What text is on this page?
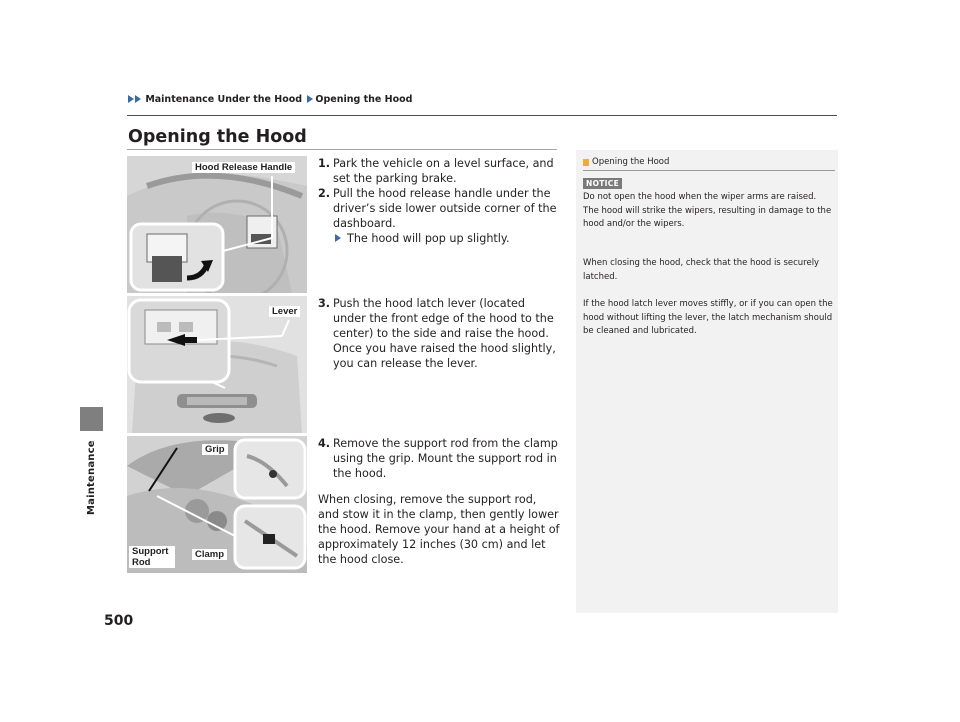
Maintenance
Maintenance Under the Hood Opening the Hood
Opening the Hood
Hood Release Handle
Lever
Grip
Support Rod
Clamp
1. Park the vehicle on a level surface, and set the parking brake.
2. Pull the hood release handle under the driver’s side lower outside corner of the dashboard.
The hood will pop up slightly.
3. Push the hood latch lever (located under the front edge of the hood to the center) to the side and raise the hood. Once you have raised the hood slightly, you can release the lever.
4. Remove the support rod from the clamp using the grip. Mount the support rod in the hood.
When closing, remove the support rod, and stow it in the clamp, then gently lower the hood. Remove your hand at a height of approximately 12 inches (30 cm) and let the hood close.
Opening the Hood
NOTICE
Do not open the hood when the wiper arms are raised.
The hood will strike the wipers, resulting in damage to the hood and/or the wipers.
When closing the hood, check that the hood is securely latched.
If the hood latch lever moves stiffly, or if you can open the hood without lifting the lever, the latch mechanism should be cleaned and lubricated.
500
